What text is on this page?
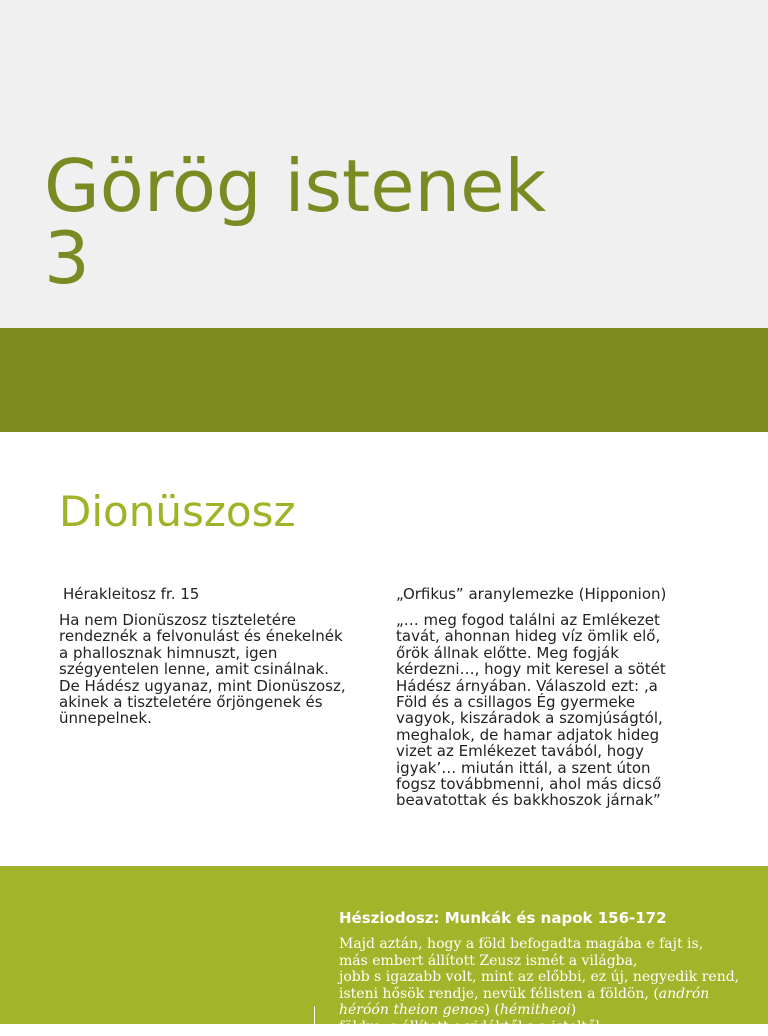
Görög istenek
3
Dionüszosz
Hérakleitosz fr. 15
Ha nem Dionüszosz tiszteletére
rendeznék a felvonulást és énekelnék
a phallosznak himnuszt, igen
szégyentelen lenne, amit csinálnak.
De Hádész ugyanaz, mint Dionüszosz,
akinek a tiszteletére őrjöngenek és
ünnepelnek.
„Orfikus” aranylemezke (Hipponion)
„… meg fogod találni az Emlékezet
tavát, ahonnan hideg víz ömlik elő,
őrök állnak előtte. Meg fogják
kérdezni…, hogy mit keresel a sötét
Hádész árnyában. Válaszold ezt: ‚a
Föld és a csillagos Ég gyermeke
vagyok, kiszáradok a szomjúságtól,
meghalok, de hamar adjatok hideg
vizet az Emlékezet tavából, hogy
igyak’… miután ittál, a szent úton
fogsz továbbmenni, ahol más dicső
beavatottak és bakkhoszok járnak”
Hésziodosz: Munkák és napok 156-172
Majd aztán, hogy a föld befogadta magába e fajt is,
más embert állított Zeusz ismét a világba,
jobb s igazabb volt, mint az előbbi, ez új, negyedik rend,
isteni hősök rendje, nevük félisten a földön, (andrón
héróón theion genos) (hémitheoi)
földre, s állított e vidéktől s a isteltől...
